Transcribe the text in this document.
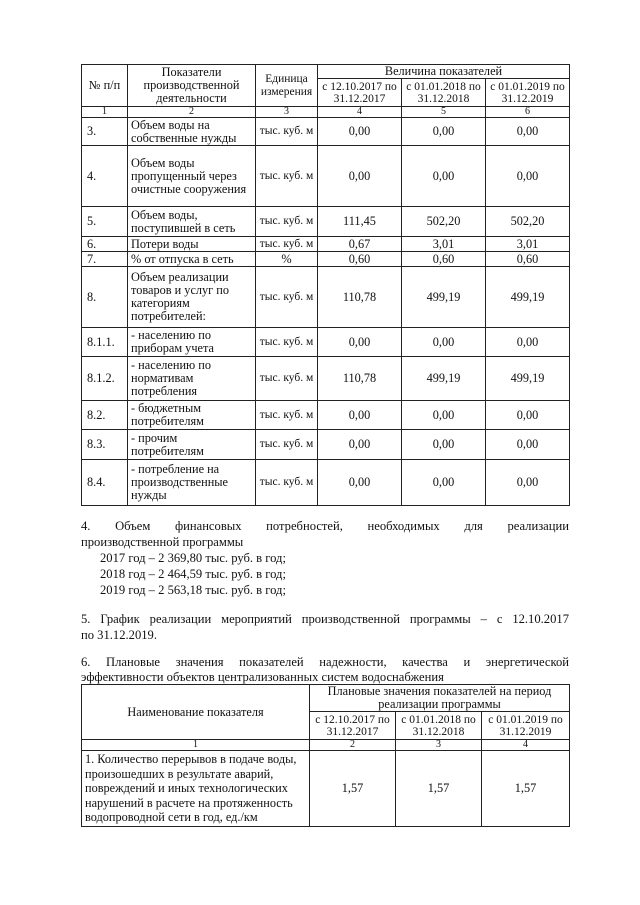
№ п/п	Показатели производственной деятельности	Единица измерения	Величина показателей		
			с 12.10.2017 по 31.12.2017	с 01.01.2018 по 31.12.2018	с 01.01.2019 по 31.12.2019
1	2	3	4	5	6
3.	Объем воды на собственные нужды	тыс. куб. м	0,00	0,00	0,00
4.	Объем воды пропущенный через очистные сооружения	тыс. куб. м	0,00	0,00	0,00
5.	Объем воды, поступившей в сеть	тыс. куб. м	111,45	502,20	502,20
6.	Потери воды	тыс. куб. м	0,67	3,01	3,01
7.	% от отпуска в сеть	%	0,60	0,60	0,60
8.	Объем реализации товаров и услуг по категориям потребителей:	тыс. куб. м	110,78	499,19	499,19
8.1.1.	- населению по приборам учета	тыс. куб. м	0,00	0,00	0,00
8.1.2.	- населению по нормативам потребления	тыс. куб. м	110,78	499,19	499,19
8.2.	- бюджетным потребителям	тыс. куб. м	0,00	0,00	0,00
8.3.	- прочим потребителям	тыс. куб. м	0,00	0,00	0,00
8.4.	- потребление на производственные нужды	тыс. куб. м	0,00	0,00	0,00
4. Объем финансовых потребностей, необходимых для реализации
производственной программы
2017 год – 2 369,80 тыс. руб. в год;
2018 год – 2 464,59 тыс. руб. в год;
2019 год – 2 563,18 тыс. руб. в год;
5. График реализации мероприятий производственной программы – с 12.10.2017
по 31.12.2019.
6. Плановые значения показателей надежности, качества и энергетической
эффективности объектов централизованных систем водоснабжения
Наименование показателя	Плановые значения показателей на период реализации программы		
	с 12.10.2017 по 31.12.2017	с 01.01.2018 по 31.12.2018	с 01.01.2019 по 31.12.2019
1	2	3	4
1. Количество перерывов в подаче воды, произошедших в результате аварий, повреждений и иных технологических нарушений в расчете на протяженность водопроводной сети в год, ед./км	1,57	1,57	1,57
